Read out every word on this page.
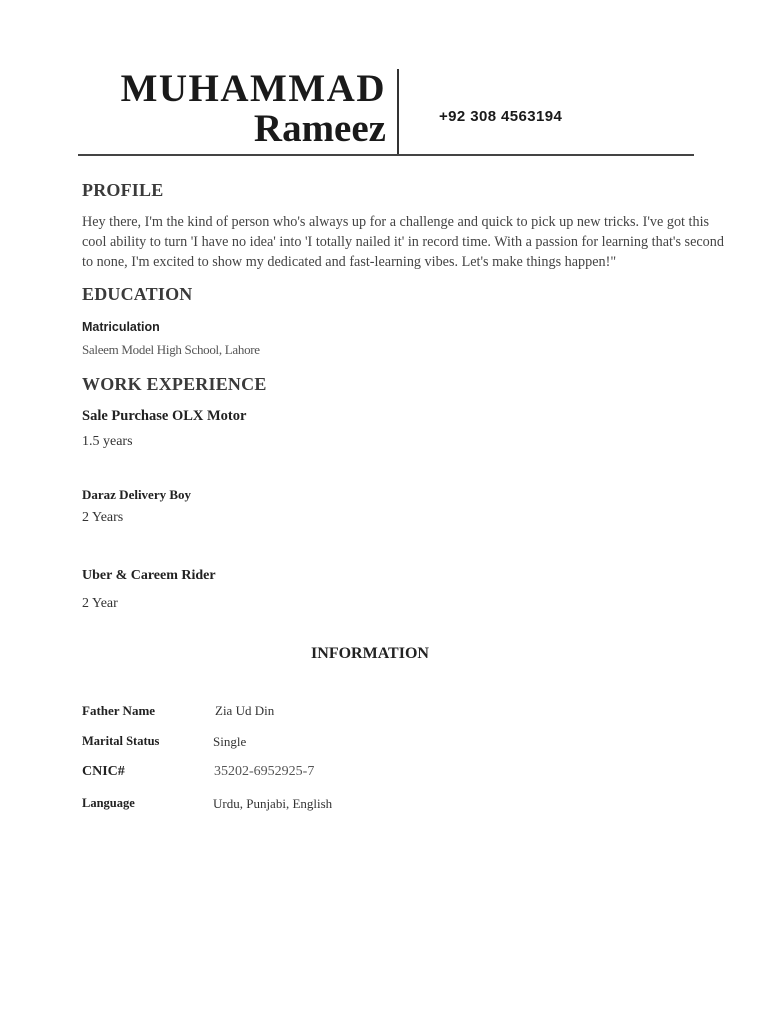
MUHAMMAD
Rameez	+92 308 4563194
PROFILE
Hey there, I'm the kind of person who's always up for a challenge and quick to pick up new tricks. I've got this cool ability to turn 'I have no idea' into 'I totally nailed it' in record time. With a passion for learning that's second to none, I'm excited to show my dedicated and fast-learning vibes. Let's make things happen!"
EDUCATION
Matriculation
Saleem Model High School, Lahore
WORK EXPERIENCE
Sale Purchase OLX Motor
1.5 years
Daraz Delivery Boy
2 Years
Uber & Careem Rider
2 Year
INFORMATION
Father Name	Zia Ud Din
Marital Status	Single
CNIC#	35202-6952925-7
Language	Urdu, Punjabi, English
